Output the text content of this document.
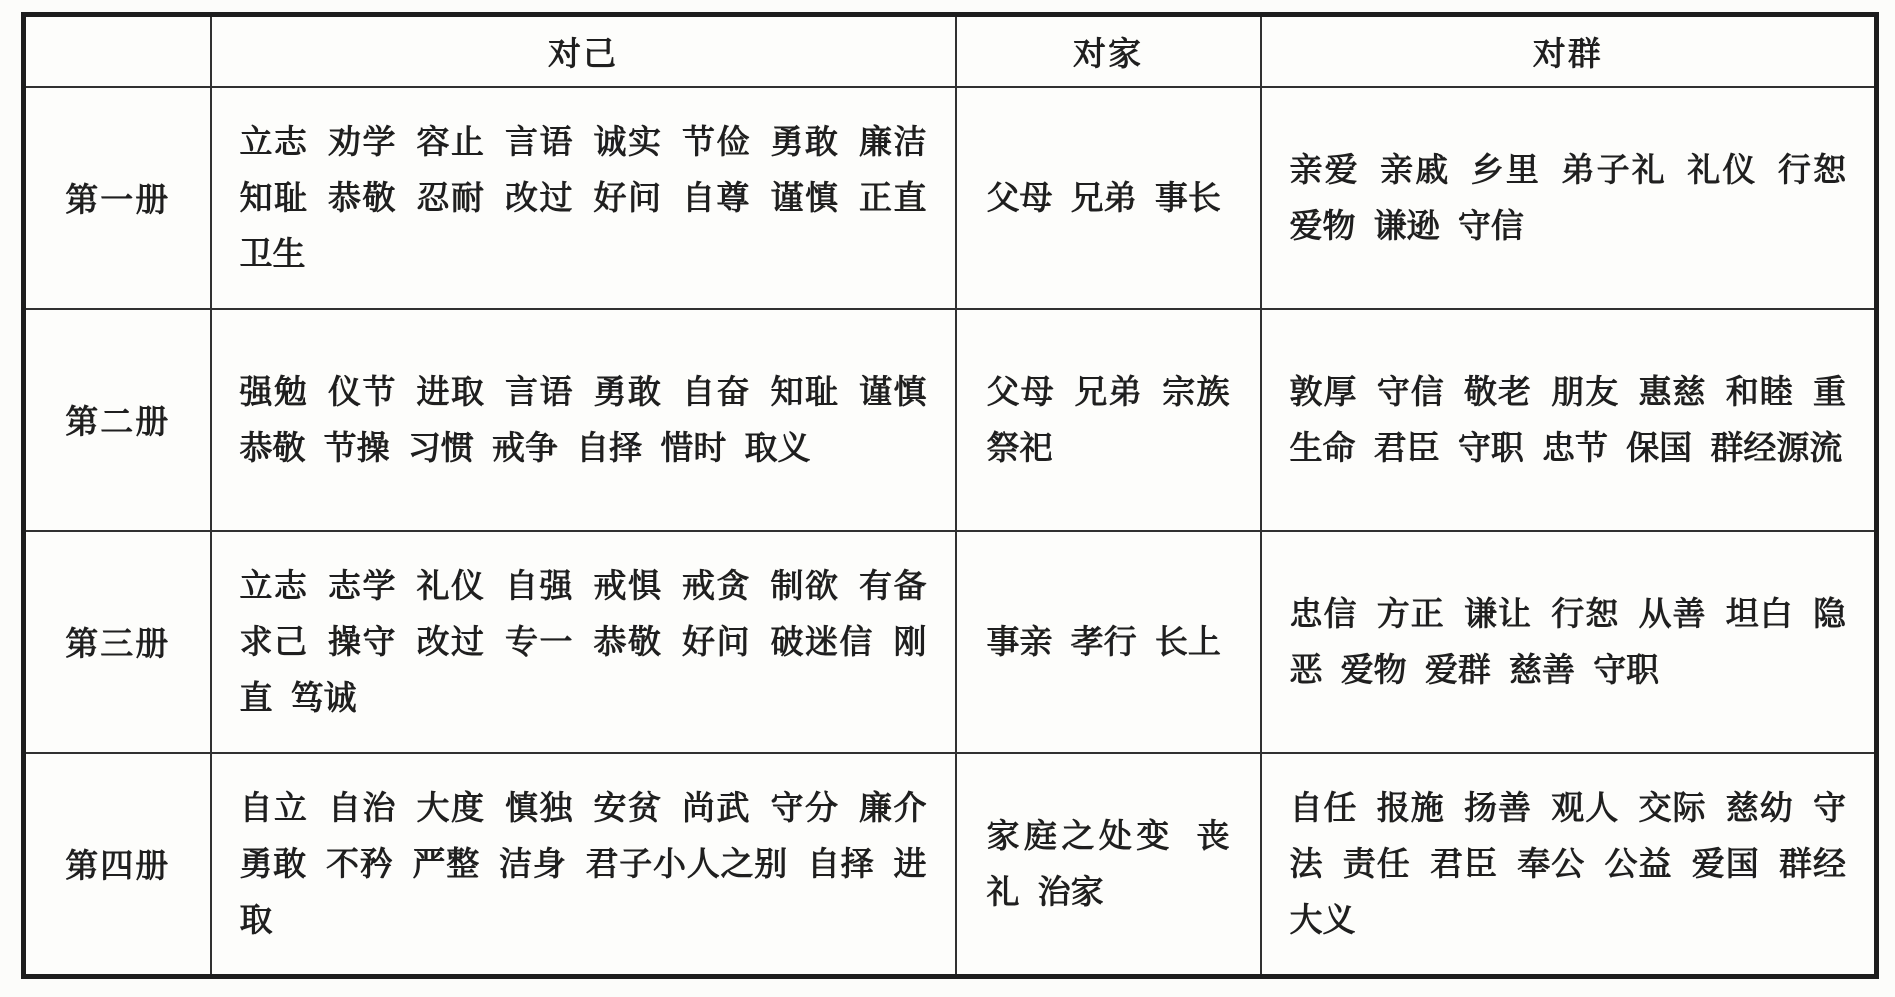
	对己	对家	对群
第一册	立志 劝学 容止 言语 诚实 节俭 勇敢 廉洁 知耻 恭敬 忍耐 改过 好问 自尊 谨慎 正直 卫生	父母 兄弟 事长	亲爱 亲戚 乡里 弟子礼 礼仪 行恕 爱物 谦逊 守信
第二册	强勉 仪节 进取 言语 勇敢 自奋 知耻 谨慎 恭敬 节操 习惯 戒争 自择 惜时 取义	父母 兄弟 宗族 祭祀	敦厚 守信 敬老 朋友 惠慈 和睦 重生命 君臣 守职 忠节 保国 群经源流
第三册	立志 志学 礼仪 自强 戒惧 戒贪 制欲 有备 求己 操守 改过 专一 恭敬 好问 破迷信 刚直 笃诚	事亲 孝行 长上	忠信 方正 谦让 行恕 从善 坦白 隐恶 爱物 爱群 慈善 守职
第四册	自立 自治 大度 慎独 安贫 尚武 守分 廉介 勇敢 不矜 严整 洁身 君子小人之别 自择 进取	家庭之处变 丧礼 治家	自任 报施 扬善 观人 交际 慈幼 守法 责任 君臣 奉公 公益 爱国 群经大义
